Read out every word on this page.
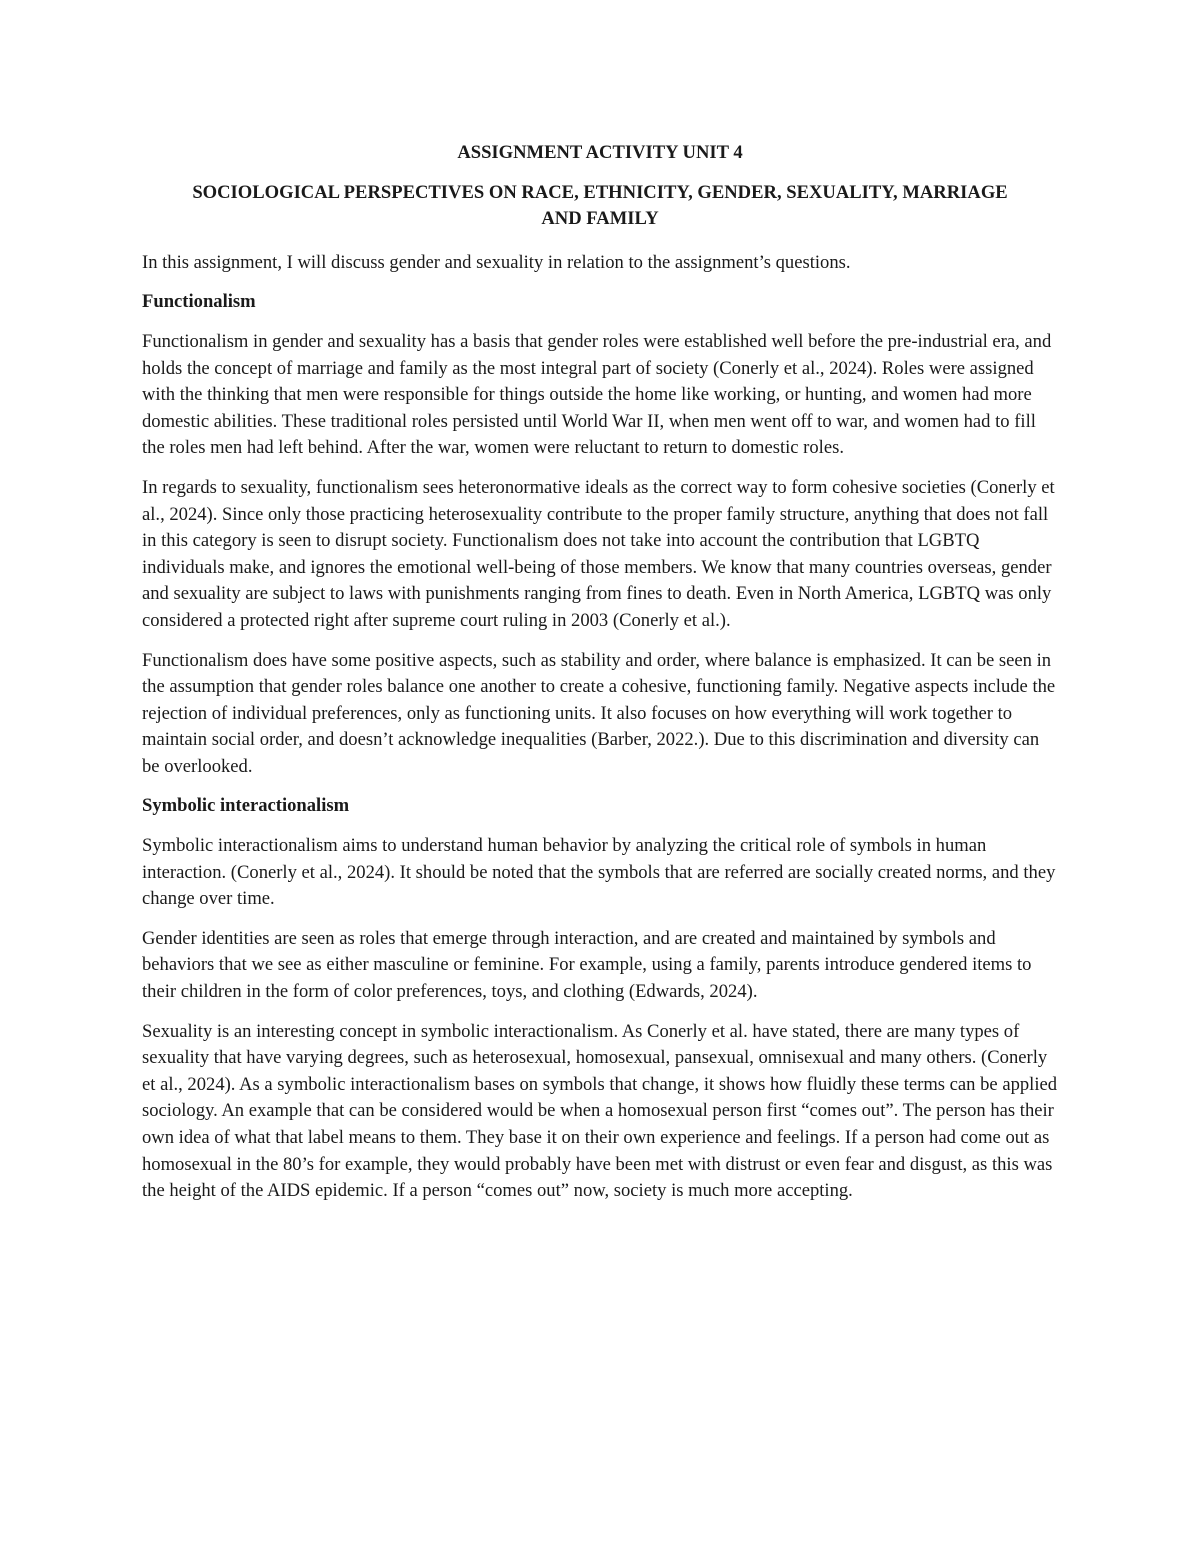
ASSIGNMENT ACTIVITY UNIT 4

SOCIOLOGICAL PERSPECTIVES ON RACE, ETHNICITY, GENDER, SEXUALITY, MARRIAGE AND FAMILY

In this assignment, I will discuss gender and sexuality in relation to the assignment’s questions.

Functionalism

Functionalism in gender and sexuality has a basis that gender roles were established well before the pre-industrial era, and holds the concept of marriage and family as the most integral part of society (Conerly et al., 2024). Roles were assigned with the thinking that men were responsible for things outside the home like working, or hunting, and women had more domestic abilities. These traditional roles persisted until World War II, when men went off to war, and women had to fill the roles men had left behind. After the war, women were reluctant to return to domestic roles.

In regards to sexuality, functionalism sees heteronormative ideals as the correct way to form cohesive societies (Conerly et al., 2024). Since only those practicing heterosexuality contribute to the proper family structure, anything that does not fall in this category is seen to disrupt society. Functionalism does not take into account the contribution that LGBTQ individuals make, and ignores the emotional well-being of those members. We know that many countries overseas, gender and sexuality are subject to laws with punishments ranging from fines to death. Even in North America, LGBTQ was only considered a protected right after supreme court ruling in 2003 (Conerly et al.).

Functionalism does have some positive aspects, such as stability and order, where balance is emphasized. It can be seen in the assumption that gender roles balance one another to create a cohesive, functioning family. Negative aspects include the rejection of individual preferences, only as functioning units. It also focuses on how everything will work together to maintain social order, and doesn’t acknowledge inequalities (Barber, 2022.). Due to this discrimination and diversity can be overlooked.

Symbolic interactionalism

Symbolic interactionalism aims to understand human behavior by analyzing the critical role of symbols in human interaction. (Conerly et al., 2024). It should be noted that the symbols that are referred are socially created norms, and they change over time.

Gender identities are seen as roles that emerge through interaction, and are created and maintained by symbols and behaviors that we see as either masculine or feminine. For example, using a family, parents introduce gendered items to their children in the form of color preferences, toys, and clothing (Edwards, 2024).

Sexuality is an interesting concept in symbolic interactionalism. As Conerly et al. have stated, there are many types of sexuality that have varying degrees, such as heterosexual, homosexual, pansexual, omnisexual and many others. (Conerly et al., 2024). As a symbolic interactionalism bases on symbols that change, it shows how fluidly these terms can be applied sociology. An example that can be considered would be when a homosexual person first “comes out”. The person has their own idea of what that label means to them. They base it on their own experience and feelings. If a person had come out as homosexual in the 80’s for example, they would probably have been met with distrust or even fear and disgust, as this was the height of the AIDS epidemic. If a person “comes out” now, society is much more accepting.
